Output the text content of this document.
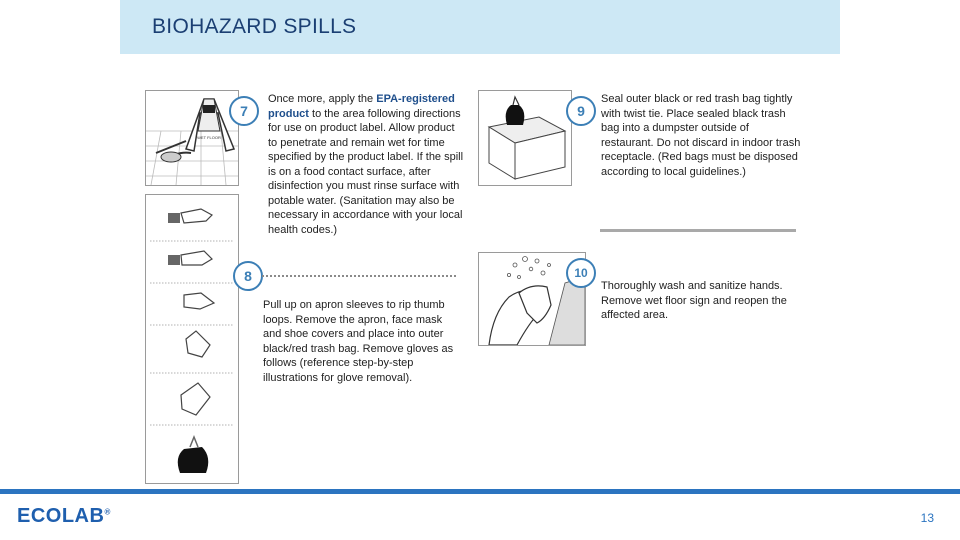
BIOHAZARD SPILLS
WET FLOOR
7
8
Once more, apply the EPA-registered product to the area following directions for use on product label. Allow product to penetrate and remain wet for time specified by the product label. If the spill is on a food contact surface, after disinfection you must rinse surface with potable water. (Sanitation may also be necessary in accordance with your local health codes.)
Pull up on apron sleeves to rip thumb loops. Remove the apron, face mask and shoe covers and place into outer black/red trash bag. Remove gloves as follows (reference step-by-step illustrations for glove removal).
9
Seal outer black or red trash bag tightly with twist tie. Place sealed black trash bag into a dumpster outside of restaurant. Do not discard in indoor trash receptacle. (Red bags must be disposed according to local guidelines.)
10
Thoroughly wash and sanitize hands. Remove wet floor sign and reopen the affected area.
ECOLAB®	13
